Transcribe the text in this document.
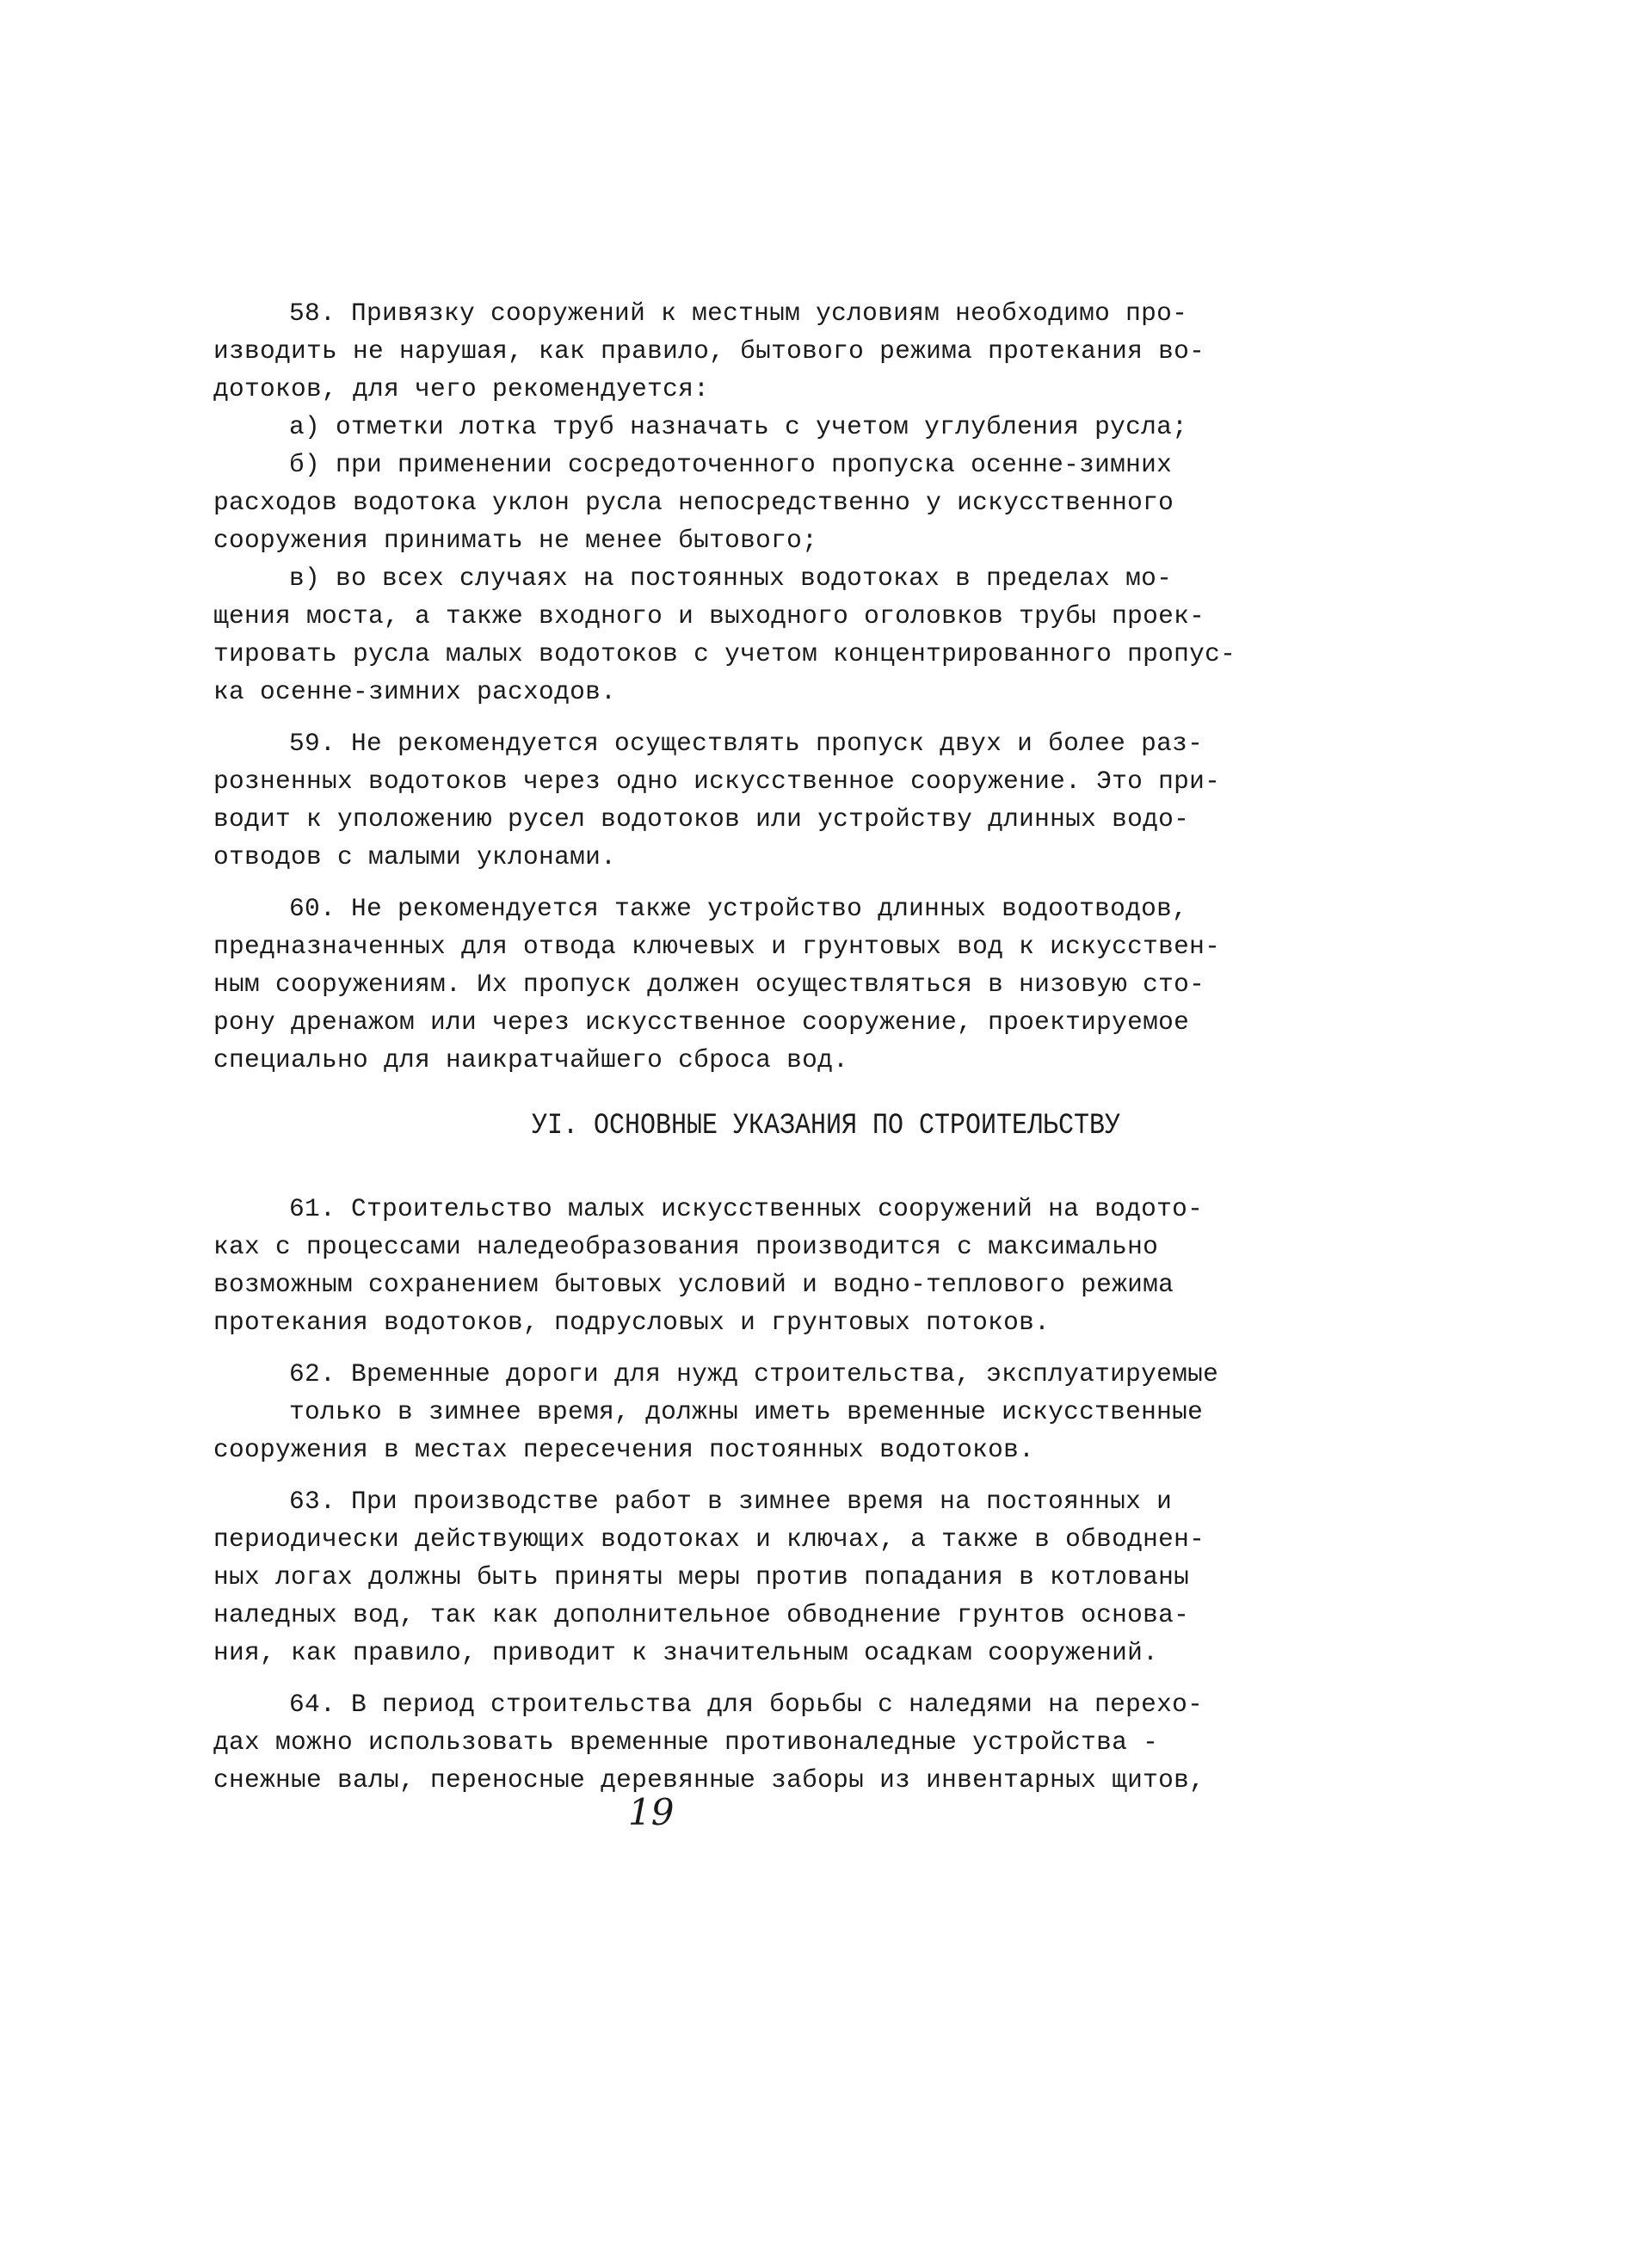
58. Привязку сооружений к местным условиям необходимо про-
изводить не нарушая, как правило, бытового режима протекания во-
дотоков, для чего рекомендуется:
а) отметки лотка труб назначать с учетом углубления русла;
б) при применении сосредоточенного пропуска осенне-зимних
расходов водотока уклон русла непосредственно у искусственного
сооружения принимать не менее бытового;
в) во всех случаях на постоянных водотоках в пределах мо-
щения моста, а также входного и выходного оголовков трубы проек-
тировать русла малых водотоков с учетом концентрированного пропус-
ка осенне-зимних расходов.
59. Не рекомендуется осуществлять пропуск двух и более раз-
розненных водотоков через одно искусственное сооружение. Это при-
водит к уположению русел водотоков или устройству длинных водо-
отводов с малыми уклонами.
60. Не рекомендуется также устройство длинных водоотводов,
предназначенных для отвода ключевых и грунтовых вод к искусствен-
ным сооружениям. Их пропуск должен осуществляться в низовую сто-
рону дренажом или через искусственное сооружение, проектируемое
специально для наикратчайшего сброса вод.
УI. ОСНОВНЫЕ УКАЗАНИЯ ПО СТРОИТЕЛЬСТВУ
61. Строительство малых искусственных сооружений на водото-
ках с процессами наледеобразования производится с максимально
возможным сохранением бытовых условий и водно-теплового режима
протекания водотоков, подрусловых и грунтовых потоков.
62. Временные дороги для нужд строительства, эксплуатируемые
только в зимнее время, должны иметь временные искусственные
сооружения в местах пересечения постоянных водотоков.
63. При производстве работ в зимнее время на постоянных и
периодически действующих водотоках и ключах, а также в обводнен-
ных логах должны быть приняты меры против попадания в котлованы
наледных вод, так как дополнительное обводнение грунтов основа-
ния, как правило, приводит к значительным осадкам сооружений.
64. В период строительства для борьбы с наледями на перехо-
дах можно использовать временные противоналедные устройства -
снежные валы, переносные деревянные заборы из инвентарных щитов,
19
